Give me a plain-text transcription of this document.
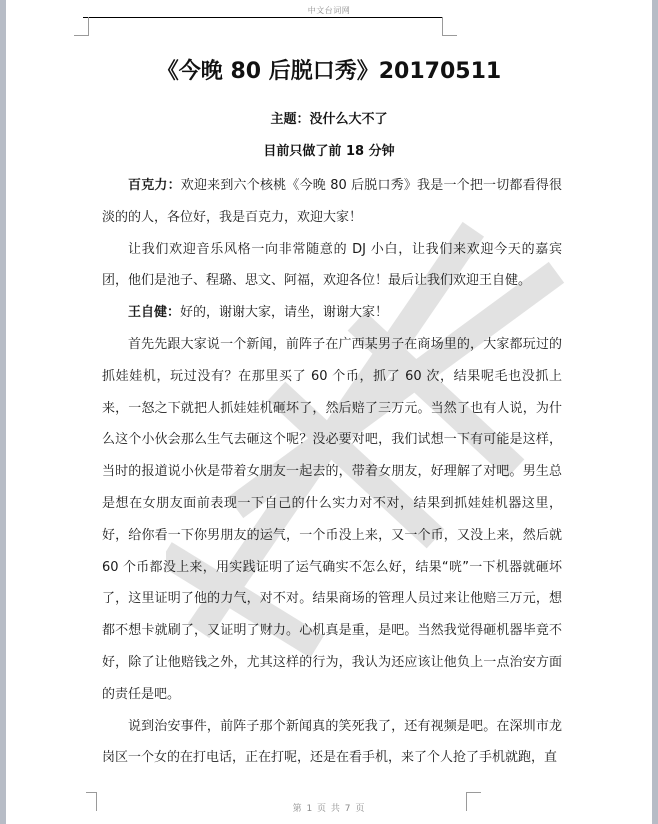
中文台词网
《今晚 80 后脱口秀》20170511
主题：没什么大不了
目前只做了前 18 分钟

百克力：欢迎来到六个核桃《今晚 80 后脱口秀》我是一个把一切都看得很淡的的人，各位好，我是百克力，欢迎大家！

让我们欢迎音乐风格一向非常随意的 DJ 小白，让我们来欢迎今天的嘉宾团，他们是池子、程璐、思文、阿福，欢迎各位！最后让我们欢迎王自健。

王自健：好的，谢谢大家，请坐，谢谢大家！

首先先跟大家说一个新闻，前阵子在广西某男子在商场里的，大家都玩过的抓娃娃机，玩过没有？在那里买了 60 个币，抓了 60 次，结果呢毛也没抓上来，一怒之下就把人抓娃娃机砸坏了，然后赔了三万元。当然了也有人说，为什么这个小伙会那么生气去砸这个呢？没必要对吧，我们试想一下有可能是这样，当时的报道说小伙是带着女朋友一起去的，带着女朋友，好理解了对吧。男生总是想在女朋友面前表现一下自己的什么实力对不对，结果到抓娃娃机器这里，好，给你看一下你男朋友的运气，一个币没上来，又一个币，又没上来，然后就 60 个币都没上来，用实践证明了运气确实不怎么好，结果“咣”一下机器就砸坏了，这里证明了他的力气，对不对。结果商场的管理人员过来让他赔三万元，想都不想卡就刷了，又证明了财力。心机真是重，是吧。当然我觉得砸机器毕竟不好，除了让他赔钱之外，尤其这样的行为，我认为还应该让他负上一点治安方面的责任是吧。

说到治安事件，前阵子那个新闻真的笑死我了，还有视频是吧。在深圳市龙岗区一个女的在打电话，正在打呢，还是在看手机，来了个人抢了手机就跑，直

第 1 页 共 7 页
